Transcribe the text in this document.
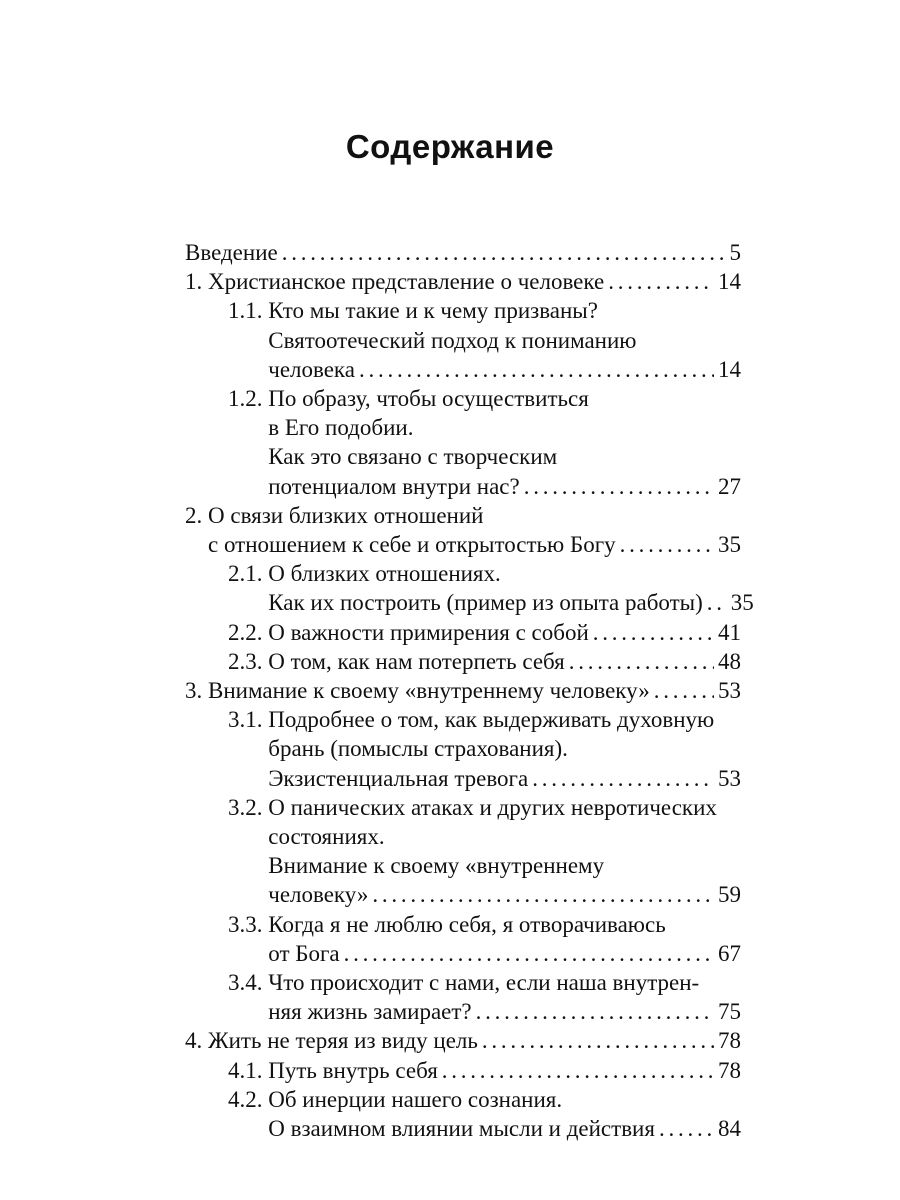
Содержание
Введение . . .	5
1. Христианское представление о человеке . . .	14
1.1. Кто мы такие и к чему призваны?
Святоотеческий подход к пониманию
человека . . .	14
1.2. По образу, чтобы осуществиться
в Его подобии.
Как это связано с творческим
потенциалом внутри нас? . . .	27
2. О связи близких отношений
с отношением к себе и открытостью Богу . . .	35
2.1. О близких отношениях.
Как их построить (пример из опыта работы) . . . 35
2.2. О важности примирения с собой . . .	41
2.3. О том, как нам потерпеть себя . . .	48
3. Внимание к своему «внутреннему человеку» . . .	53
3.1. Подробнее о том, как выдерживать духовную
брань (помыслы страхования).
Экзистенциальная тревога . . .	53
3.2. О панических атаках и других невротических
состояниях.
Внимание к своему «внутреннему
человеку» . . .	59
3.3. Когда я не люблю себя, я отворачиваюсь
от Бога . . .	67
3.4. Что происходит с нами, если наша внутрен-
няя жизнь замирает? . . .	75
4. Жить не теряя из виду цель . . .	78
4.1. Путь внутрь себя . . .	78
4.2. Об инерции нашего сознания.
О взаимном влиянии мысли и действия . . .	84
